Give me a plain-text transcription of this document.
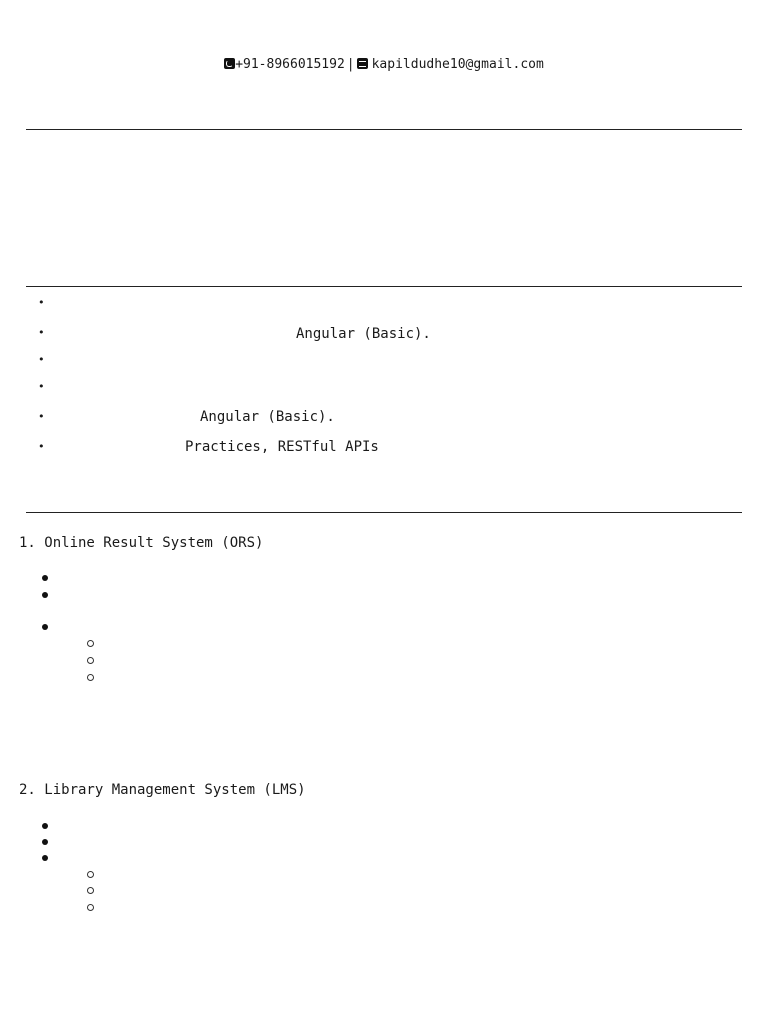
+91-8966015192 | kapildudhe10@gmail.com
•
•
•
•
•
•
Angular (Basic).
Angular (Basic).
Practices, RESTful APIs
1. Online Result System (ORS)
2. Library Management System (LMS)
